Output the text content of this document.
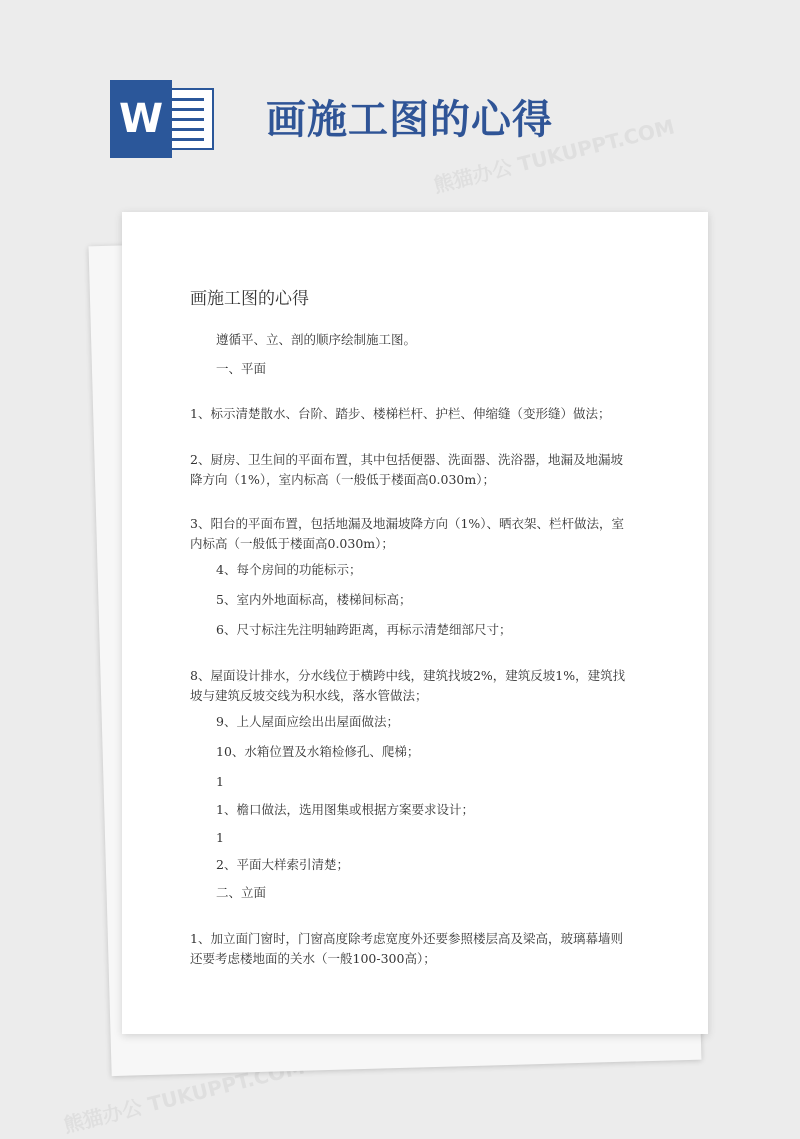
W	画施工图的心得
熊猫办公 TUKUPPT.COM
熊猫办公 TUKUPPT.COM
画施工图的心得
遵循平、立、剖的顺序绘制施工图。
一、平面
1、标示清楚散水、台阶、踏步、楼梯栏杆、护栏、伸缩缝（变形缝）做法；
2、厨房、卫生间的平面布置，其中包括便器、洗面器、洗浴器，地漏及地漏坡降方向（1%），室内标高（一般低于楼面高0.030m）；
3、阳台的平面布置，包括地漏及地漏坡降方向（1%）、晒衣架、栏杆做法，室内标高（一般低于楼面高0.030m）；
4、每个房间的功能标示；
5、室内外地面标高，楼梯间标高；
6、尺寸标注先注明轴跨距离，再标示清楚细部尺寸；
8、屋面设计排水，分水线位于横跨中线，建筑找坡2%，建筑反坡1%，建筑找坡与建筑反坡交线为积水线，落水管做法；
9、上人屋面应绘出出屋面做法；
10、水箱位置及水箱检修孔、爬梯；
1
1、檐口做法，选用图集或根据方案要求设计；
1
2、平面大样索引清楚；
二、立面
1、加立面门窗时，门窗高度除考虑宽度外还要参照楼层高及梁高，玻璃幕墙则还要考虑楼地面的关水（一般100-300高）；
